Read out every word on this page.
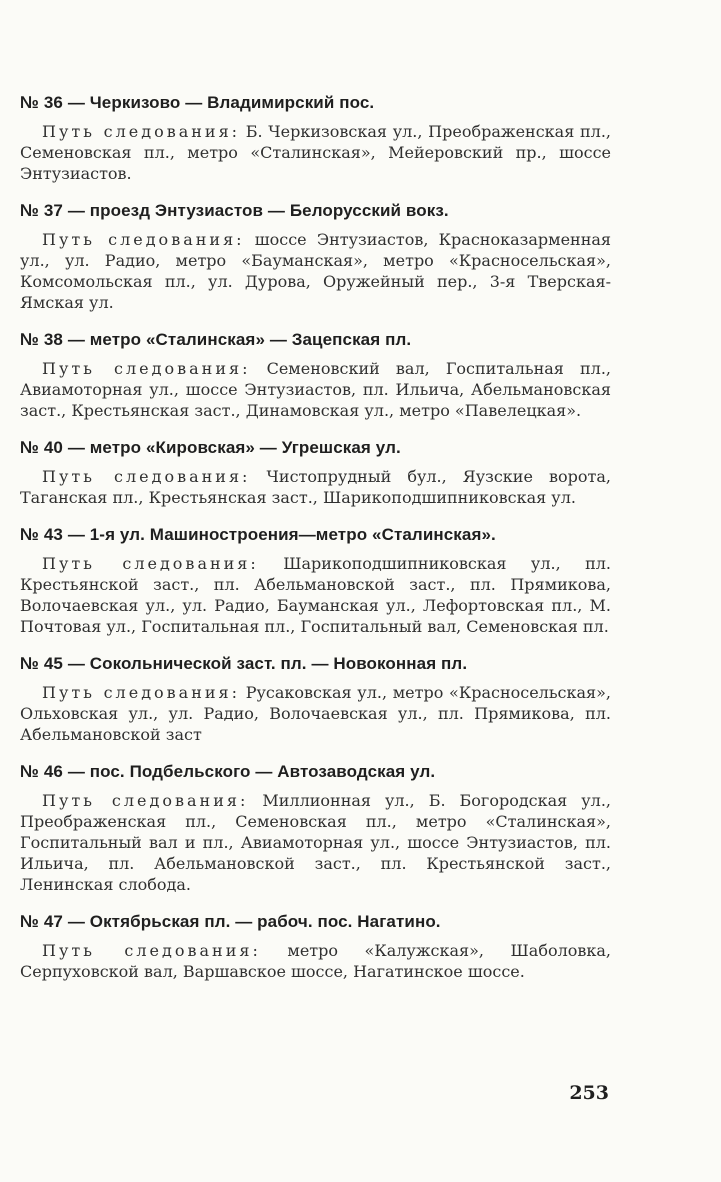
№ 36 — Черкизово — Владимирский пос.
Путь следования: Б. Черкизовская ул., Преображенская пл., Семеновская пл., метро «Сталинская», Мейеровский пр., шоссе Энтузиастов.
№ 37 — проезд Энтузиастов — Белорусский вокз.
Путь следования: шоссе Энтузиастов, Красноказарменная ул., ул. Радио, метро «Бауманская», метро «Красносельская», Комсомольская пл., ул. Дурова, Оружейный пер., 3-я Тверская-Ямская ул.
№ 38 — метро «Сталинская» — Зацепская пл.
Путь следования: Семеновский вал, Госпитальная пл., Авиамоторная ул., шоссе Энтузиастов, пл. Ильича, Абельмановская заст., Крестьянская заст., Динамовская ул., метро «Павелецкая».
№ 40 — метро «Кировская» — Угрешская ул.
Путь следования: Чистопрудный бул., Яузские ворота, Таганская пл., Крестьянская заст., Шарикоподшипниковская ул.
№ 43 — 1-я ул. Машиностроения—метро «Сталинская».
Путь следования: Шарикоподшипниковская ул., пл. Крестьянской заст., пл. Абельмановской заст., пл. Прямикова, Волочаевская ул., ул. Радио, Бауманская ул., Лефортовская пл., М. Почтовая ул., Госпитальная пл., Госпитальный вал, Семеновская пл.
№ 45 — Сокольнической заст. пл. — Новоконная пл.
Путь следования: Русаковская ул., метро «Красносельская», Ольховская ул., ул. Радио, Волочаевская ул., пл. Прямикова, пл. Абельмановской заст
№ 46 — пос. Подбельского — Автозаводская ул.
Путь следования: Миллионная ул., Б. Богородская ул., Преображенская пл., Семеновская пл., метро «Сталинская», Госпитальный вал и пл., Авиамоторная ул., шоссе Энтузиастов, пл. Ильича, пл. Абельмановской заст., пл. Крестьянской заст., Ленинская слобода.
№ 47 — Октябрьская пл. — рабоч. пос. Нагатино.
Путь следования: метро «Калужская», Шаболовка, Серпуховской вал, Варшавское шоссе, Нагатинское шоссе.
253
